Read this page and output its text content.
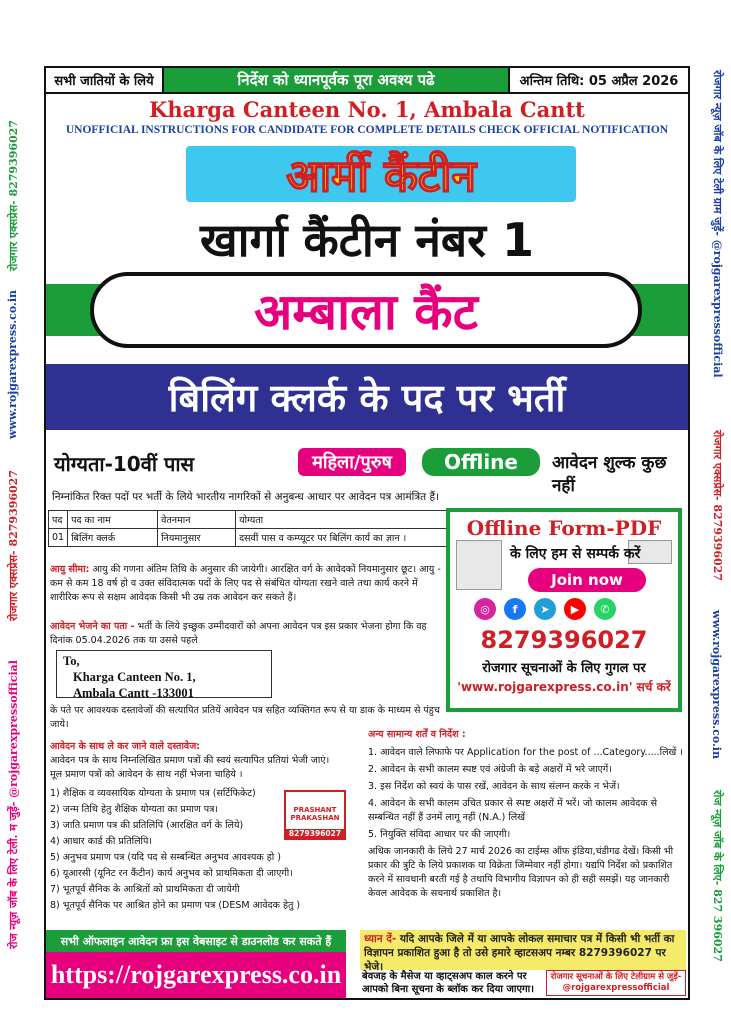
रोजगार एक्सप्रेस- 8279396027
www.rojgarexpress.co.in
रोजगार एक्सप्रेस- 8279396027
रोज न्यूज़ जॉब के लिए टेली. म जुड़ें- @rojgarexpressofficial
रोजगार न्यूज़ जॉब के लिए टेली ग्राम जुड़ें- @rojgarexpressofficial
रोजगार एक्सप्रेस- 8279396027
www.rojgarexpress.co.in
रोज न्यूज़ जॉब के लिए- 827 396027
सभी जातियों के लिये	निर्देश को ध्यानपूर्वक पूरा अवश्य पढे	अन्तिम तिथि: 05 अप्रैल 2026
Kharga Canteen No. 1, Ambala Cantt
UNOFFICIAL INSTRUCTIONS FOR CANDIDATE FOR COMPLETE DETAILS CHECK OFFICIAL NOTIFICATION
आर्मी कैंटीन
खार्गा कैंटीन नंबर 1
अम्बाला कैंट
बिलिंग क्लर्क के पद पर भर्ती
योग्यता-10वीं पास	महिला/पुरुष	Offline	आवेदन शुल्क कुछ नहीं
निम्नांकित रिक्त पदों पर भर्ती के लिये भारतीय नागरिकों से अनुबन्ध आधार पर आवेदन पत्र आमंत्रित हैं।
पद	पद का नाम	वेतनमान	योग्यता
01	बिलिंग क्लर्क	नियमानुसार	दसवीं पास व कम्प्यूटर पर बिलिंग कार्य का ज्ञान ।	Offline Form-PDF
के लिए हम से सम्पर्क करें
Join now
◎	f	➤	▶	✆
8279396027
रोजगार सूचनाओं के लिए गुगल पर
'www.rojgarexpress.co.in' सर्च करें
आयु सीमा: आयु की गणना अंतिम तिथि के अनुसार की जायेगी। आरक्षित वर्ग के आवेदकों नियमानुसार छूट। आयु - कम से कम 18 वर्ष हो व उक्त संविदात्मक पदों के लिए पद से संबंधित योग्यता रखने वाले तथा कार्य करने में शारीरिक रूप से सक्षम आवेदक किसी भी उम्र तक आवेदन कर सकते हैं।
आवेदन भेजने का पता - भर्ती के लिये इच्छुक उम्मीदवारों को अपना आवेदन पत्र इस प्रकार भेजना होगा कि वह दिनांक 05.04.2026 तक या उससे पहले
To,
Kharga Canteen No. 1,
Ambala Cantt -133001
के पते पर आवश्यक दस्तावेजों की सत्यापित प्रतियें आवेदन पत्र सहित व्यक्तिगत रूप से या डाक के माध्यम से पंहुच जाये।
आवेदन के साथ ले कर जाने वाले दस्तावेज:
आवेदन पत्र के साथ निम्नलिखित प्रमाण पत्रों की स्वयं सत्यापित प्रतियां भेजी जाएं।
मूल प्रमाण पत्रों को आवेदन के साथ नहीं भेजना चाहिये ।
1) शैक्षिक व व्यवसायिक योग्यता के प्रमाण पत्र (सर्टिफिकेट)
2) जन्म तिथि हेतु शैक्षिक योग्यता का प्रमाण पत्र।
3) जाति प्रमाण पत्र की प्रतिलिपि (आरक्षित वर्ग के लिये)
4) आधार कार्ड की प्रतिलिपि।
5) अनुभव प्रमाण पत्र (यदि पद से सम्बन्धित अनुभव आवश्यक हो )
6) यूआरसी (यूनिट रन कैंटीन) कार्य अनुभव को प्राथमिकता दी जाएगी।
7) भूतपूर्व सैनिक के आश्रितों को प्राथमिकता दी जायेगी
8) भूतपूर्व सैनिक पर आश्रित होने का प्रमाण पत्र (DESM आवेदक हेतु )
PRASHANT PRAKASHAN
8279396027
अन्य सामान्य शर्तें व निर्देश :
1. आवेदन वाले लिफाफे पर Application for the post of ...Category.....लिखें ।
2. आवेदन के सभी कालम स्पष्ट एवं अंग्रेजी के बड़े अक्षरों में भरे जाएगें।
3. इस निर्देश को स्वयं के पास रखें, आवेदन के साथ संलग्न करके न भेजें।
4. आवेदन के सभी कालम उचित प्रकार से स्पष्ट अक्षरों में भरें। जो कालम आवेदक से सम्बन्धित नहीं हैं उनमें लागू नहीं (N.A.) लिखें
5. नियुक्ति संविदा आधार पर की जाएगी।
अधिक जानकारी के लिये 27 मार्च 2026 का टाईम्स ऑफ इंडिया,चंडीगढ देखें। किसी भी प्रकार की त्रुटि के लिये प्रकाशक या विक्रेता जिम्मेवार नहीं होगा। यद्यपि निर्देश को प्रकाशित करने में सावधानी बरती गई है तथापि विभागीय विज्ञापन को ही सही समझें। यह जानकारी केवल आवेदक के सचनार्थ प्रकाशित है।
सभी ऑफलाइन आवेदन फ्रा इस वेबसाइट से डाउनलोड कर सकते हैं
https://rojgarexpress.co.in
ध्यान दें- यदि आपके जिले में या आपके लोकल समाचार पत्र में किसी भी भर्ती का विज्ञापन प्रकाशित हुआ है तो उसे हमारे व्हाटसअप नम्बर 8279396027 पर भेजे।
बेवजह के मैसेज या व्हाट्सअप काल करने पर आपको बिना सूचना के ब्लॉक कर दिया जाएगा।
रोजगार सूचनाओं के लिए टेलीग्राम से जुड़ें- @rojgarexpressofficial
